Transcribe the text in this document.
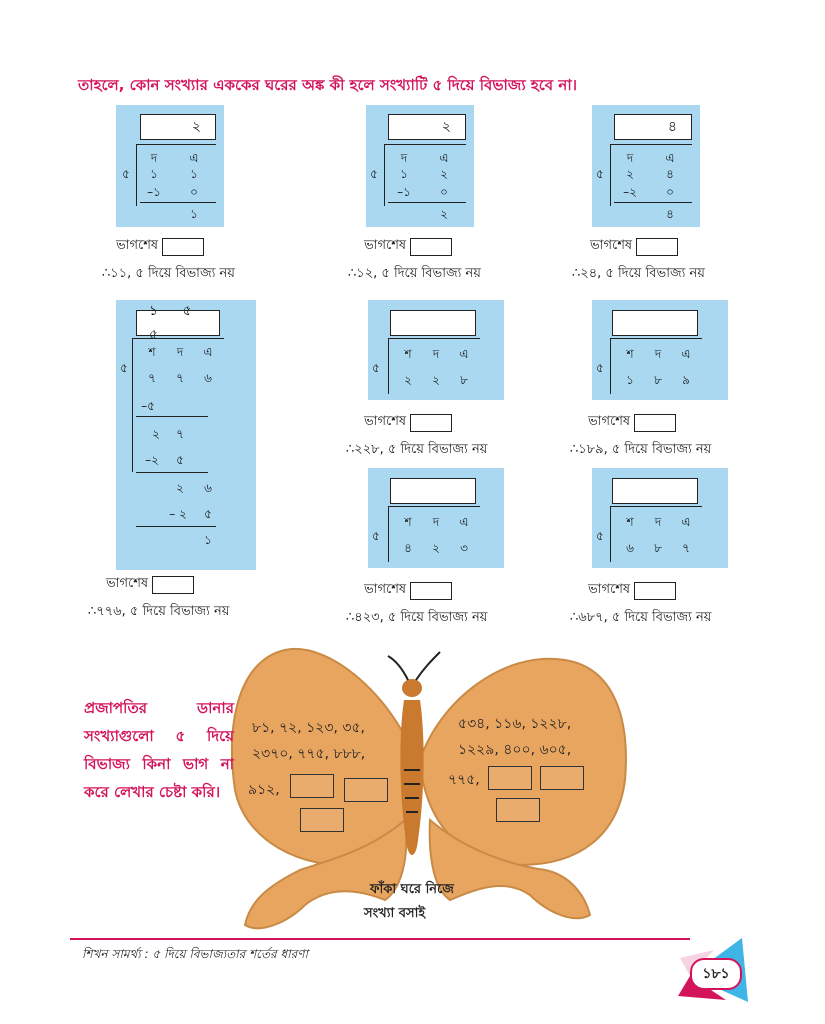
তাহলে, কোন সংখ্যার এককের ঘরের অঙ্ক কী হলে সংখ্যাটি ৫ দিয়ে বিভাজ্য হবে না।
২
৫
দ	এ
১	১
–১	০
১
ভাগশেষ
∴১১, ৫ দিয়ে বিভাজ্য নয়
২
৫
দ	এ
১	২
–১	০
২
ভাগশেষ
∴১২, ৫ দিয়ে বিভাজ্য নয়
৪
৫
দ	এ
২	৪
–২	০
৪
ভাগশেষ
∴২৪, ৫ দিয়ে বিভাজ্য নয়
১ ৫ ৫
৫
শ	দ	এ
৭	৭	৬
–৫
২	৭
–২	৫
২	৬
– ২	৫
১
ভাগশেষ
∴৭৭৬, ৫ দিয়ে বিভাজ্য নয়
৫
শ	দ	এ
২	২	৮
ভাগশেষ
∴২২৮, ৫ দিয়ে বিভাজ্য নয়
৫
শ	দ	এ
১	৮	৯
ভাগশেষ
∴১৮৯, ৫ দিয়ে বিভাজ্য নয়
৫
শ	দ	এ
৪	২	৩
ভাগশেষ
∴৪২৩, ৫ দিয়ে বিভাজ্য নয়
৫
শ	দ	এ
৬	৮	৭
ভাগশেষ
∴৬৮৭, ৫ দিয়ে বিভাজ্য নয়
প্রজাপতির ডানার সংখ্যাগুলো ৫ দিয়ে বিভাজ্য কিনা ভাগ না করে লেখার চেষ্টা করি।
৮১, ৭২, ১২৩, ৩৫,
২৩৭০, ৭৭৫, ৮৮৮,
৯১২,
৫৩৪, ১১৬, ১২২৮,
১২২৯, ৪০০, ৬০৫,
৭৭৫,
ফাঁকা ঘরে নিজে
সংখ্যা বসাই
শিখন সামর্থ্য : ৫ দিয়ে বিভাজ্যতার শর্তের ধারণা
১৮১
